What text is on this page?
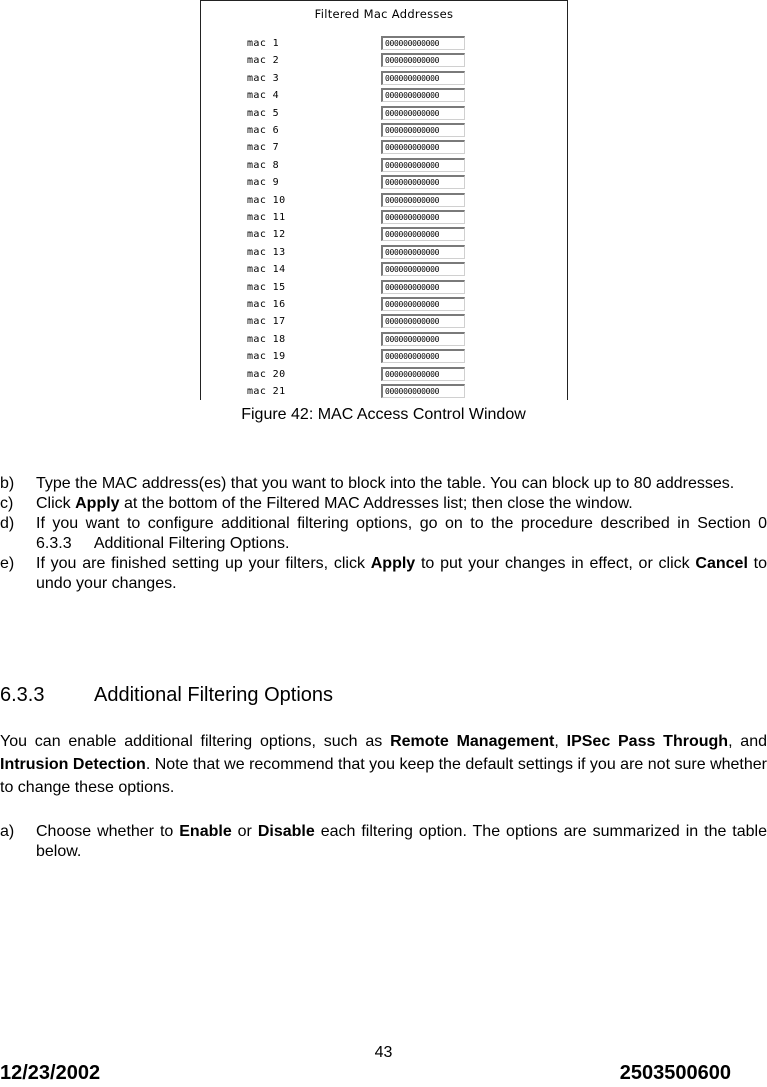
Filtered Mac Addresses
mac 1	000000000000
mac 2	000000000000
mac 3	000000000000
mac 4	000000000000
mac 5	000000000000
mac 6	000000000000
mac 7	000000000000
mac 8	000000000000
mac 9	000000000000
mac 10	000000000000
mac 11	000000000000
mac 12	000000000000
mac 13	000000000000
mac 14	000000000000
mac 15	000000000000
mac 16	000000000000
mac 17	000000000000
mac 18	000000000000
mac 19	000000000000
mac 20	000000000000
mac 21	000000000000
Figure 42: MAC Access Control Window
b)	Type the MAC address(es) that you want to block into the table. You can block up to 80 addresses.
c)	Click Apply at the bottom of the Filtered MAC Addresses list; then close the window.
d)	If you want to configure additional filtering options, go on to the procedure described in Section 0 6.3.3     Additional Filtering Options.
e)	If you are finished setting up your filters, click Apply to put your changes in effect, or click Cancel to undo your changes.
6.3.3 Additional Filtering Options

You can enable additional filtering options, such as Remote Management, IPSec Pass Through, and Intrusion Detection. Note that we recommend that you keep the default settings if you are not sure whether to change these options.

a)	Choose whether to Enable or Disable each filtering option. The options are summarized in the table below.
43
12/23/2002	2503500600
